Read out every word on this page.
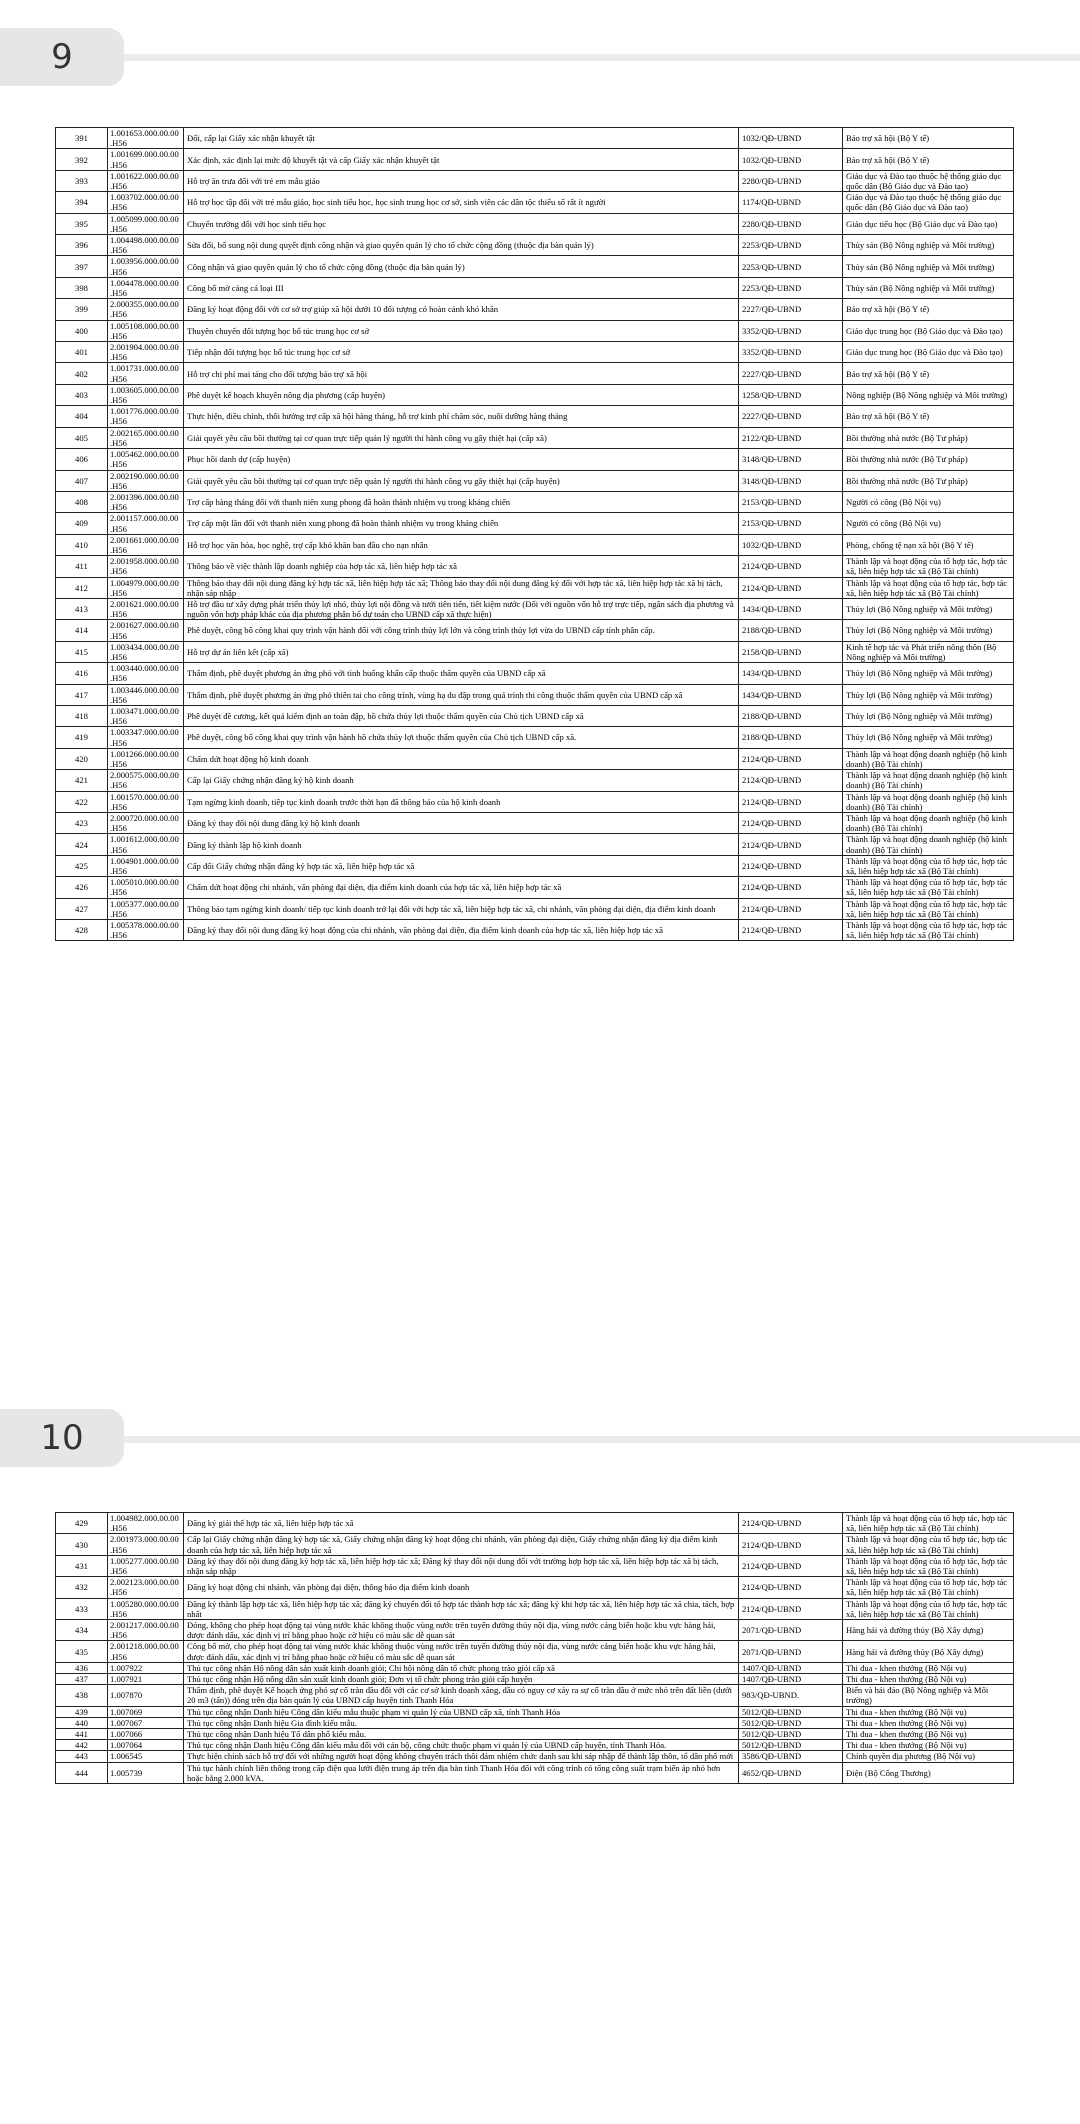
9
391	1.001653.000.00.00.H56	Đổi, cấp lại Giấy xác nhận khuyết tật	1032/QĐ-UBND	Bảo trợ xã hội (Bộ Y tế)
392	1.001699.000.00.00.H56	Xác định, xác định lại mức độ khuyết tật và cấp Giấy xác nhận khuyết tật	1032/QĐ-UBND	Bảo trợ xã hội (Bộ Y tế)
393	1.001622.000.00.00.H56	Hỗ trợ ăn trưa đối với trẻ em mẫu giáo	2280/QĐ-UBND	Giáo dục và Đào tạo thuộc hệ thống giáo dục quốc dân (Bộ Giáo dục và Đào tạo)
394	1.003702.000.00.00.H56	Hỗ trợ học tập đối với trẻ mẫu giáo, học sinh tiểu học, học sinh trung học cơ sở, sinh viên các dân tộc thiểu số rất ít người	1174/QĐ-UBND	Giáo dục và Đào tạo thuộc hệ thống giáo dục quốc dân (Bộ Giáo dục và Đào tạo)
395	1.005099.000.00.00.H56	Chuyển trường đối với học sinh tiểu học	2280/QĐ-UBND	Giáo dục tiểu học (Bộ Giáo dục và Đào tạo)
396	1.004498.000.00.00.H56	Sửa đổi, bổ sung nội dung quyết định công nhận và giao quyền quản lý cho tổ chức cộng đồng (thuộc địa bàn quản lý)	2253/QĐ-UBND	Thủy sản (Bộ Nông nghiệp và Môi trường)
397	1.003956.000.00.00.H56	Công nhận và giao quyền quản lý cho tổ chức cộng đồng (thuộc địa bàn quản lý)	2253/QĐ-UBND	Thủy sản (Bộ Nông nghiệp và Môi trường)
398	1.004478.000.00.00.H56	Công bố mở cảng cá loại III	2253/QĐ-UBND	Thủy sản (Bộ Nông nghiệp và Môi trường)
399	2.000355.000.00.00.H56	Đăng ký hoạt động đối với cơ sở trợ giúp xã hội dưới 10 đối tượng có hoàn cảnh khó khăn	2227/QĐ-UBND	Bảo trợ xã hội (Bộ Y tế)
400	1.005108.000.00.00.H56	Thuyên chuyển đối tượng học bổ túc trung học cơ sở	3352/QĐ-UBND	Giáo dục trung học (Bộ Giáo dục và Đào tạo)
401	2.001904.000.00.00.H56	Tiếp nhận đối tượng học bổ túc trung học cơ sở	3352/QĐ-UBND	Giáo dục trung học (Bộ Giáo dục và Đào tạo)
402	1.001731.000.00.00.H56	Hỗ trợ chi phí mai táng cho đối tượng bảo trợ xã hội	2227/QĐ-UBND	Bảo trợ xã hội (Bộ Y tế)
403	1.003605.000.00.00.H56	Phê duyệt kế hoạch khuyến nông địa phương (cấp huyện)	1258/QĐ-UBND	Nông nghiệp (Bộ Nông nghiệp và Môi trường)
404	1.001776.000.00.00.H56	Thực hiện, điều chỉnh, thôi hưởng trợ cấp xã hội hàng tháng, hỗ trợ kinh phí chăm sóc, nuôi dưỡng hàng tháng	2227/QĐ-UBND	Bảo trợ xã hội (Bộ Y tế)
405	2.002165.000.00.00.H56	Giải quyết yêu cầu bồi thường tại cơ quan trực tiếp quản lý người thi hành công vụ gây thiệt hại (cấp xã)	2122/QĐ-UBND	Bồi thường nhà nước (Bộ Tư pháp)
406	1.005462.000.00.00.H56	Phục hồi danh dự (cấp huyện)	3148/QĐ-UBND	Bồi thường nhà nước (Bộ Tư pháp)
407	2.002190.000.00.00.H56	Giải quyết yêu cầu bồi thường tại cơ quan trực tiếp quản lý người thi hành công vụ gây thiệt hại (cấp huyện)	3148/QĐ-UBND	Bồi thường nhà nước (Bộ Tư pháp)
408	2.001396.000.00.00.H56	Trợ cấp hàng tháng đối với thanh niên xung phong đã hoàn thành nhiệm vụ trong kháng chiến	2153/QĐ-UBND	Người có công (Bộ Nội vụ)
409	2.001157.000.00.00.H56	Trợ cấp một lần đối với thanh niên xung phong đã hoàn thành nhiệm vụ trong kháng chiến	2153/QĐ-UBND	Người có công (Bộ Nội vụ)
410	2.001661.000.00.00.H56	Hỗ trợ học văn hóa, học nghề, trợ cấp khó khăn ban đầu cho nạn nhân	1032/QĐ-UBND	Phòng, chống tệ nạn xã hội (Bộ Y tế)
411	2.001958.000.00.00.H56	Thông báo về việc thành lập doanh nghiệp của hợp tác xã, liên hiệp hợp tác xã	2124/QĐ-UBND	Thành lập và hoạt động của tổ hợp tác, hợp tác xã, liên hiệp hợp tác xã (Bộ Tài chính)
412	1.004979.000.00.00.H56	Thông báo thay đổi nội dung đăng ký hợp tác xã, liên hiệp hợp tác xã; Thông báo thay đổi nội dung đăng ký đối với hợp tác xã, liên hiệp hợp tác xã bị tách, nhận sáp nhập	2124/QĐ-UBND	Thành lập và hoạt động của tổ hợp tác, hợp tác xã, liên hiệp hợp tác xã (Bộ Tài chính)
413	2.001621.000.00.00.H56	Hỗ trợ đầu tư xây dựng phát triển thủy lợi nhỏ, thủy lợi nội đồng và tưới tiên tiến, tiết kiệm nước (Đối với nguồn vốn hỗ trợ trực tiếp, ngân sách địa phương và nguồn vốn hợp pháp khác của địa phương phân bổ dự toán cho UBND cấp xã thực hiện)	1434/QĐ-UBND	Thủy lợi (Bộ Nông nghiệp và Môi trường)
414	2.001627.000.00.00.H56	Phê duyệt, công bố công khai quy trình vận hành đối với công trình thủy lợi lớn và công trình thủy lợi vừa do UBND cấp tỉnh phân cấp.	2188/QĐ-UBND	Thủy lợi (Bộ Nông nghiệp và Môi trường)
415	1.003434.000.00.00.H56	Hỗ trợ dự án liên kết (cấp xã)	2158/QĐ-UBND	Kinh tế hợp tác và Phát triển nông thôn (Bộ Nông nghiệp và Môi trường)
416	1.003440.000.00.00.H56	Thẩm định, phê duyệt phương án ứng phó với tình huống khẩn cấp thuộc thẩm quyền của UBND cấp xã	1434/QĐ-UBND	Thủy lợi (Bộ Nông nghiệp và Môi trường)
417	1.003446.000.00.00.H56	Thẩm định, phê duyệt phương án ứng phó thiên tai cho công trình, vùng hạ du đập trong quá trình thi công thuộc thẩm quyền của UBND cấp xã	1434/QĐ-UBND	Thủy lợi (Bộ Nông nghiệp và Môi trường)
418	1.003471.000.00.00.H56	Phê duyệt đề cương, kết quả kiểm định an toàn đập, hồ chứa thủy lợi thuộc thẩm quyền của Chủ tịch UBND cấp xã	2188/QĐ-UBND	Thủy lợi (Bộ Nông nghiệp và Môi trường)
419	1.003347.000.00.00.H56	Phê duyệt, công bố công khai quy trình vận hành hồ chứa thủy lợi thuộc thẩm quyền của Chủ tịch UBND cấp xã.	2188/QĐ-UBND	Thủy lợi (Bộ Nông nghiệp và Môi trường)
420	1.001266.000.00.00.H56	Chấm dứt hoạt động hộ kinh doanh	2124/QĐ-UBND	Thành lập và hoạt động doanh nghiệp (hộ kinh doanh) (Bộ Tài chính)
421	2.000575.000.00.00.H56	Cấp lại Giấy chứng nhận đăng ký hộ kinh doanh	2124/QĐ-UBND	Thành lập và hoạt động doanh nghiệp (hộ kinh doanh) (Bộ Tài chính)
422	1.001570.000.00.00.H56	Tạm ngừng kinh doanh, tiếp tục kinh doanh trước thời hạn đã thông báo của hộ kinh doanh	2124/QĐ-UBND	Thành lập và hoạt động doanh nghiệp (hộ kinh doanh) (Bộ Tài chính)
423	2.000720.000.00.00.H56	Đăng ký thay đổi nội dung đăng ký hộ kinh doanh	2124/QĐ-UBND	Thành lập và hoạt động doanh nghiệp (hộ kinh doanh) (Bộ Tài chính)
424	1.001612.000.00.00.H56	Đăng ký thành lập hộ kinh doanh	2124/QĐ-UBND	Thành lập và hoạt động doanh nghiệp (hộ kinh doanh) (Bộ Tài chính)
425	1.004901.000.00.00.H56	Cấp đổi Giấy chứng nhận đăng ký hợp tác xã, liên hiệp hợp tác xã	2124/QĐ-UBND	Thành lập và hoạt động của tổ hợp tác, hợp tác xã, liên hiệp hợp tác xã (Bộ Tài chính)
426	1.005010.000.00.00.H56	Chấm dứt hoạt động chi nhánh, văn phòng đại diện, địa điểm kinh doanh của hợp tác xã, liên hiệp hợp tác xã	2124/QĐ-UBND	Thành lập và hoạt động của tổ hợp tác, hợp tác xã, liên hiệp hợp tác xã (Bộ Tài chính)
427	1.005377.000.00.00.H56	Thông báo tạm ngừng kinh doanh/ tiếp tục kinh doanh trở lại đối với hợp tác xã, liên hiệp hợp tác xã, chi nhánh, văn phòng đại diện, địa điểm kinh doanh	2124/QĐ-UBND	Thành lập và hoạt động của tổ hợp tác, hợp tác xã, liên hiệp hợp tác xã (Bộ Tài chính)
428	1.005378.000.00.00.H56	Đăng ký thay đổi nội dung đăng ký hoạt động của chi nhánh, văn phòng đại diện, địa điểm kinh doanh của hợp tác xã, liên hiệp hợp tác xã	2124/QĐ-UBND	Thành lập và hoạt động của tổ hợp tác, hợp tác xã, liên hiệp hợp tác xã (Bộ Tài chính)
10
429	1.004982.000.00.00.H56	Đăng ký giải thể hợp tác xã, liên hiệp hợp tác xã	2124/QĐ-UBND	Thành lập và hoạt động của tổ hợp tác, hợp tác xã, liên hiệp hợp tác xã (Bộ Tài chính)
430	2.001973.000.00.00.H56	Cấp lại Giấy chứng nhận đăng ký hợp tác xã, Giấy chứng nhận đăng ký hoạt động chi nhánh, văn phòng đại diện, Giấy chứng nhận đăng ký địa điểm kinh doanh của hợp tác xã, liên hiệp hợp tác xã	2124/QĐ-UBND	Thành lập và hoạt động của tổ hợp tác, hợp tác xã, liên hiệp hợp tác xã (Bộ Tài chính)
431	1.005277.000.00.00.H56	Đăng ký thay đổi nội dung đăng ký hợp tác xã, liên hiệp hợp tác xã; Đăng ký thay đổi nội dung đối với trường hợp hợp tác xã, liên hiệp hợp tác xã bị tách, nhận sáp nhập	2124/QĐ-UBND	Thành lập và hoạt động của tổ hợp tác, hợp tác xã, liên hiệp hợp tác xã (Bộ Tài chính)
432	2.002123.000.00.00.H56	Đăng ký hoạt động chi nhánh, văn phòng đại diện, thông báo địa điểm kinh doanh	2124/QĐ-UBND	Thành lập và hoạt động của tổ hợp tác, hợp tác xã, liên hiệp hợp tác xã (Bộ Tài chính)
433	1.005280.000.00.00.H56	Đăng ký thành lập hợp tác xã, liên hiệp hợp tác xã; đăng ký chuyển đổi tổ hợp tác thành hợp tác xã; đăng ký khi hợp tác xã, liên hiệp hợp tác xã chia, tách, hợp nhất	2124/QĐ-UBND	Thành lập và hoạt động của tổ hợp tác, hợp tác xã, liên hiệp hợp tác xã (Bộ Tài chính)
434	2.001217.000.00.00.H56	Đóng, không cho phép hoạt động tại vùng nước khác không thuộc vùng nước trên tuyến đường thủy nội địa, vùng nước cảng biển hoặc khu vực hàng hải, được đánh dấu, xác định vị trí bằng phao hoặc cờ hiệu có màu sắc dễ quan sát	2071/QĐ-UBND	Hàng hải và đường thủy (Bộ Xây dựng)
435	2.001218.000.00.00.H56	Công bố mở, cho phép hoạt động tại vùng nước khác không thuộc vùng nước trên tuyến đường thủy nội địa, vùng nước cảng biển hoặc khu vực hàng hải, được đánh dấu, xác định vị trí bằng phao hoặc cờ hiệu có màu sắc dễ quan sát	2071/QĐ-UBND	Hàng hải và đường thủy (Bộ Xây dựng)
436	1.007922	Thủ tục công nhận Hộ nông dân sản xuất kinh doanh giỏi; Chi hội nông dân tổ chức phong trào giỏi cấp xã	1407/QĐ-UBND	Thi đua - khen thưởng (Bộ Nội vụ)
437	1.007921	Thủ tục công nhận Hộ nông dân sản xuất kinh doanh giỏi; Đơn vị tổ chức phong trào giỏi cấp huyện	1407/QĐ-UBND	Thi đua - khen thưởng (Bộ Nội vụ)
438	1.007870	Thẩm định, phê duyệt Kế hoạch ứng phó sự cố tràn dầu đối với các cơ sở kinh doanh xăng, dầu có nguy cơ xảy ra sự cố tràn dầu ở mức nhỏ trên đất liền (dưới 20 m3 (tấn)) đóng trên địa bàn quản lý của UBND cấp huyện tỉnh Thanh Hóa	983/QĐ-UBND.	Biển và hải đảo (Bộ Nông nghiệp và Môi trường)
439	1.007069	Thủ tục công nhận Danh hiệu Công dân kiểu mẫu thuộc phạm vi quản lý của UBND cấp xã, tỉnh Thanh Hóa	5012/QĐ-UBND	Thi đua - khen thưởng (Bộ Nội vụ)
440	1.007067	Thủ tục công nhận Danh hiệu Gia đình kiểu mẫu.	5012/QĐ-UBND	Thi đua - khen thưởng (Bộ Nội vụ)
441	1.007066	Thủ tục công nhận Danh hiệu Tổ dân phố kiểu mẫu.	5012/QĐ-UBND	Thi đua - khen thưởng (Bộ Nội vụ)
442	1.007064	Thủ tục công nhận Danh hiệu Công dân kiểu mẫu đối với cán bộ, công chức thuộc phạm vi quản lý của UBND cấp huyện, tỉnh Thanh Hóa.	5012/QĐ-UBND	Thi đua - khen thưởng (Bộ Nội vụ)
443	1.006545	Thực hiện chính sách hỗ trợ đối với những người hoạt động không chuyên trách thôi đảm nhiệm chức danh sau khi sáp nhập để thành lập thôn, tổ dân phố mới	3586/QĐ-UBND	Chính quyền địa phương (Bộ Nội vụ)
444	1.005739	Thủ tục hành chính liên thông trong cấp điện qua lưới điện trung áp trên địa bàn tỉnh Thanh Hóa đối với công trình có tổng công suất trạm biến áp nhỏ hơn hoặc bằng 2.000 kVA.	4652/QĐ-UBND	Điện (Bộ Công Thương)
